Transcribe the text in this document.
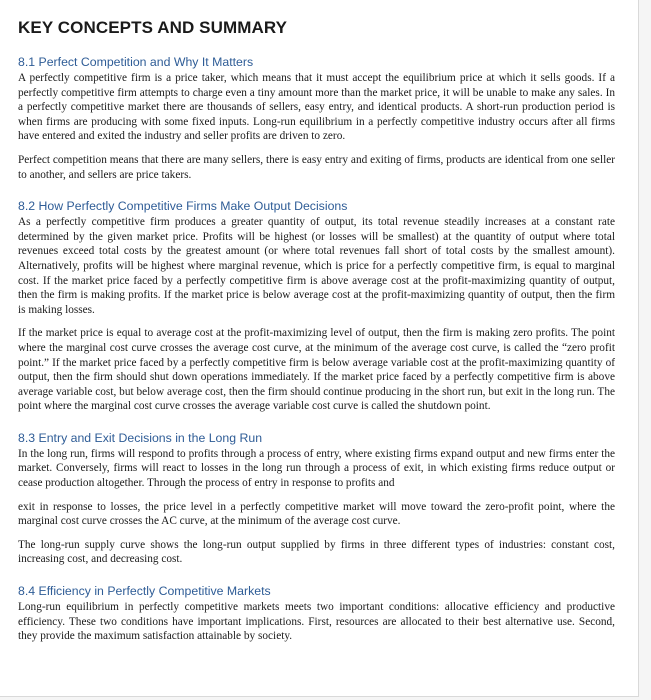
KEY CONCEPTS AND SUMMARY
8.1 Perfect Competition and Why It Matters

A perfectly competitive firm is a price taker, which means that it must accept the equilibrium price at which it sells goods. If a perfectly competitive firm attempts to charge even a tiny amount more than the market price, it will be unable to make any sales. In a perfectly competitive market there are thousands of sellers, easy entry, and identical products. A short-run production period is when firms are producing with some fixed inputs. Long-run equilibrium in a perfectly competitive industry occurs after all firms have entered and exited the industry and seller profits are driven to zero.

Perfect competition means that there are many sellers, there is easy entry and exiting of firms, products are identical from one seller to another, and sellers are price takers.

8.2 How Perfectly Competitive Firms Make Output Decisions

As a perfectly competitive firm produces a greater quantity of output, its total revenue steadily increases at a constant rate determined by the given market price. Profits will be highest (or losses will be smallest) at the quantity of output where total revenues exceed total costs by the greatest amount (or where total revenues fall short of total costs by the smallest amount). Alternatively, profits will be highest where marginal revenue, which is price for a perfectly competitive firm, is equal to marginal cost. If the market price faced by a perfectly competitive firm is above average cost at the profit-maximizing quantity of output, then the firm is making profits. If the market price is below average cost at the profit-maximizing quantity of output, then the firm is making losses.

If the market price is equal to average cost at the profit-maximizing level of output, then the firm is making zero profits. The point where the marginal cost curve crosses the average cost curve, at the minimum of the average cost curve, is called the “zero profit point.” If the market price faced by a perfectly competitive firm is below average variable cost at the profit-maximizing quantity of output, then the firm should shut down operations immediately. If the market price faced by a perfectly competitive firm is above average variable cost, but below average cost, then the firm should continue producing in the short run, but exit in the long run. The point where the marginal cost curve crosses the average variable cost curve is called the shutdown point.

8.3 Entry and Exit Decisions in the Long Run

In the long run, firms will respond to profits through a process of entry, where existing firms expand output and new firms enter the market. Conversely, firms will react to losses in the long run through a process of exit, in which existing firms reduce output or cease production altogether. Through the process of entry in response to profits and

exit in response to losses, the price level in a perfectly competitive market will move toward the zero-profit point, where the marginal cost curve crosses the AC curve, at the minimum of the average cost curve.

The long-run supply curve shows the long-run output supplied by firms in three different types of industries: constant cost, increasing cost, and decreasing cost.

8.4 Efficiency in Perfectly Competitive Markets

Long-run equilibrium in perfectly competitive markets meets two important conditions: allocative efficiency and productive efficiency. These two conditions have important implications. First, resources are allocated to their best alternative use. Second, they provide the maximum satisfaction attainable by society.
